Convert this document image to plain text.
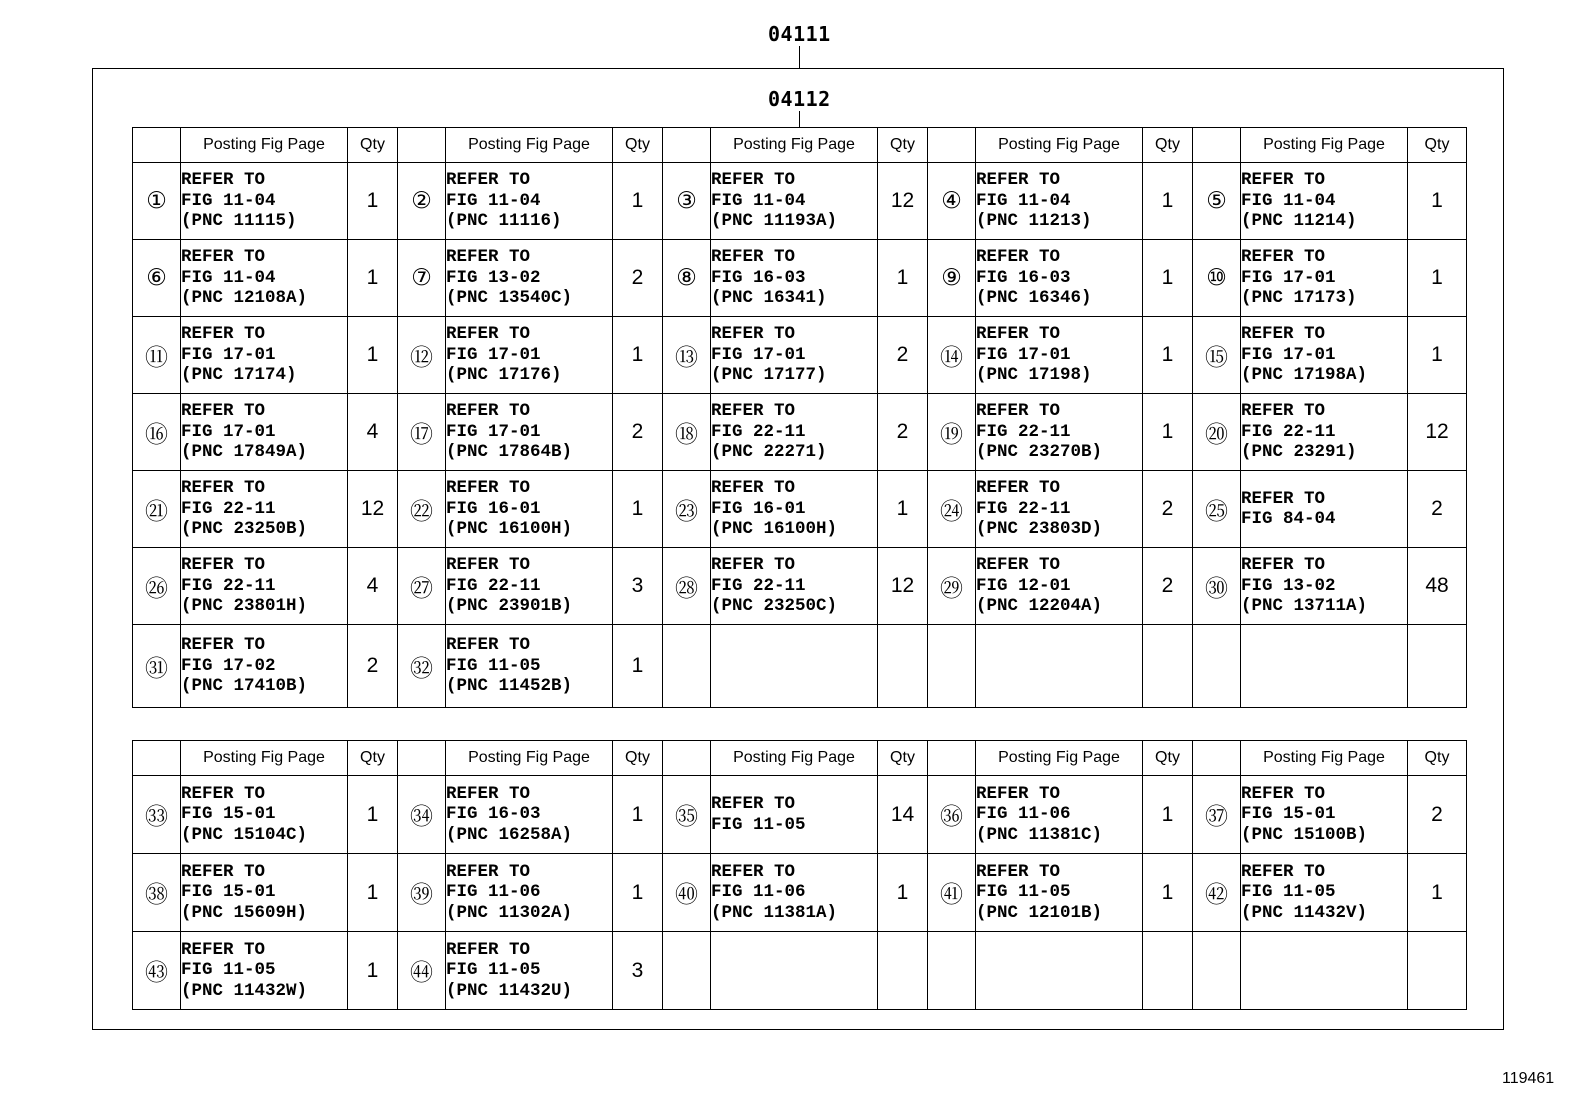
04111
04112
	Posting Fig Page	Qty		Posting Fig Page	Qty		Posting Fig Page	Qty		Posting Fig Page	Qty		Posting Fig Page	Qty
①	REFER TO
FIG 11-04
(PNC 11115)	1	②	REFER TO
FIG 11-04
(PNC 11116)	1	③	REFER TO
FIG 11-04
(PNC 11193A)	12	④	REFER TO
FIG 11-04
(PNC 11213)	1	⑤	REFER TO
FIG 11-04
(PNC 11214)	1
⑥	REFER TO
FIG 11-04
(PNC 12108A)	1	⑦	REFER TO
FIG 13-02
(PNC 13540C)	2	⑧	REFER TO
FIG 16-03
(PNC 16341)	1	⑨	REFER TO
FIG 16-03
(PNC 16346)	1	⑩	REFER TO
FIG 17-01
(PNC 17173)	1
⑪	REFER TO
FIG 17-01
(PNC 17174)	1	⑫	REFER TO
FIG 17-01
(PNC 17176)	1	⑬	REFER TO
FIG 17-01
(PNC 17177)	2	⑭	REFER TO
FIG 17-01
(PNC 17198)	1	⑮	REFER TO
FIG 17-01
(PNC 17198A)	1
⑯	REFER TO
FIG 17-01
(PNC 17849A)	4	⑰	REFER TO
FIG 17-01
(PNC 17864B)	2	⑱	REFER TO
FIG 22-11
(PNC 22271)	2	⑲	REFER TO
FIG 22-11
(PNC 23270B)	1	⑳	REFER TO
FIG 22-11
(PNC 23291)	12
㉑	REFER TO
FIG 22-11
(PNC 23250B)	12	㉒	REFER TO
FIG 16-01
(PNC 16100H)	1	㉓	REFER TO
FIG 16-01
(PNC 16100H)	1	㉔	REFER TO
FIG 22-11
(PNC 23803D)	2	㉕	REFER TO
FIG 84-04	2
㉖	REFER TO
FIG 22-11
(PNC 23801H)	4	㉗	REFER TO
FIG 22-11
(PNC 23901B)	3	㉘	REFER TO
FIG 22-11
(PNC 23250C)	12	㉙	REFER TO
FIG 12-01
(PNC 12204A)	2	㉚	REFER TO
FIG 13-02
(PNC 13711A)	48
㉛	REFER TO
FIG 17-02
(PNC 17410B)	2	㉜	REFER TO
FIG 11-05
(PNC 11452B)	1									
	Posting Fig Page	Qty		Posting Fig Page	Qty		Posting Fig Page	Qty		Posting Fig Page	Qty		Posting Fig Page	Qty
㉝	REFER TO
FIG 15-01
(PNC 15104C)	1	㉞	REFER TO
FIG 16-03
(PNC 16258A)	1	㉟	REFER TO
FIG 11-05	14	㊱	REFER TO
FIG 11-06
(PNC 11381C)	1	㊲	REFER TO
FIG 15-01
(PNC 15100B)	2
㊳	REFER TO
FIG 15-01
(PNC 15609H)	1	㊴	REFER TO
FIG 11-06
(PNC 11302A)	1	㊵	REFER TO
FIG 11-06
(PNC 11381A)	1	㊶	REFER TO
FIG 11-05
(PNC 12101B)	1	㊷	REFER TO
FIG 11-05
(PNC 11432V)	1
㊸	REFER TO
FIG 11-05
(PNC 11432W)	1	㊹	REFER TO
FIG 11-05
(PNC 11432U)	3									
119461
